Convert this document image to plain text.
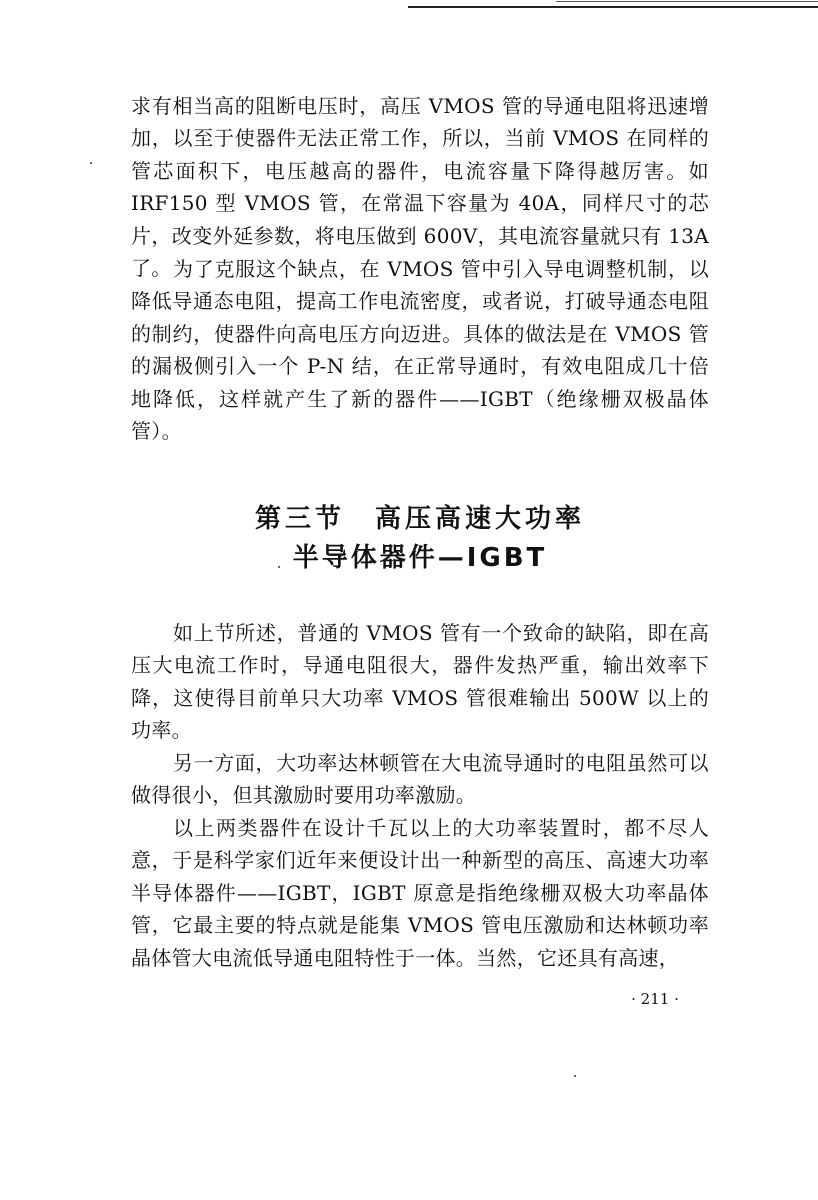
求有相当高的阻断电压时，高压 VMOS 管的导通电阻将迅速增加，以至于使器件无法正常工作，所以，当前 VMOS 在同样的管芯面积下，电压越高的器件，电流容量下降得越厉害。如 IRF150 型 VMOS 管，在常温下容量为 40A，同样尺寸的芯片，改变外延参数，将电压做到 600V，其电流容量就只有 13A 了。 为了克服这个缺点，在 VMOS 管中引入导电调整机制，以降低导通态电阻，提高工作电流密度，或者说，打破导通态电阻的制约，使器件向高电压方向迈进。具体的做法是在 VMOS 管的漏极侧引入一个 P-N 结，在正常导通时，有效电阻成几十倍地降低，这样就产生了新的器件——IGBT（绝缘栅双极晶体管）。

第三节　高压高速大功率
半导体器件—IGBT

如上节所述，普通的 VMOS 管有一个致命的缺陷，即在高压大电流工作时，导通电阻很大，器件发热严重，输出效率下降，这使得目前单只大功率 VMOS 管很难输出 500W 以上的功率。

另一方面，大功率达林顿管在大电流导通时的电阻虽然可以做得很小，但其激励时要用功率激励。

以上两类器件在设计千瓦以上的大功率装置时，都不尽人意，于是科学家们近年来便设计出一种新型的高压、高速大功率半导体器件——IGBT，IGBT 原意是指绝缘栅双极大功率晶体管，它最主要的特点就是能集 VMOS 管电压激励和达林顿功率晶体管大电流低导通电阻特性于一体。当然，它还具有高速，

· 211 ·
